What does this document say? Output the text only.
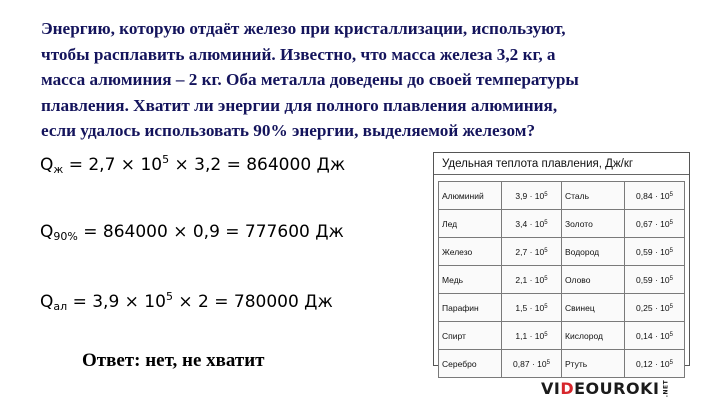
Энергию, которую отдаёт железо при кристаллизации, используют,
чтобы расплавить алюминий. Известно, что масса железа 3,2 кг, а
масса алюминия – 2 кг. Оба металла доведены до своей температуры
плавления. Хватит ли энергии для полного плавления алюминия,
если удалось использовать 90% энергии, выделяемой железом?
$Q_ж = 2,7 \times 10^5 \times 3,2 = 864000$ Дж
$Q_{90\%} = 864000 \times 0,9 = 777600$ Дж
$Q_{ал} = 3,9 \times 10^5 \times 2 = 780000$ Дж
Ответ: нет, не хватит
Удельная теплота плавления, Дж/кг
Алюминий	$3,9 \cdot 10^5$	Сталь	$0,84 \cdot 10^5$
Лед	$3,4 \cdot 10^5$	Золото	$0,67 \cdot 10^5$
Железо	$2,7 \cdot 10^5$	Водород	$0,59 \cdot 10^5$
Медь	$2,1 \cdot 10^5$	Олово	$0,59 \cdot 10^5$
Парафин	$1,5 \cdot 10^5$	Свинец	$0,25 \cdot 10^5$
Спирт	$1,1 \cdot 10^5$	Кислород	$0,14 \cdot 10^5$
Серебро	$0,87 \cdot 10^5$	Ртуть	$0,12 \cdot 10^5$
VIDEOUROKI .NET
